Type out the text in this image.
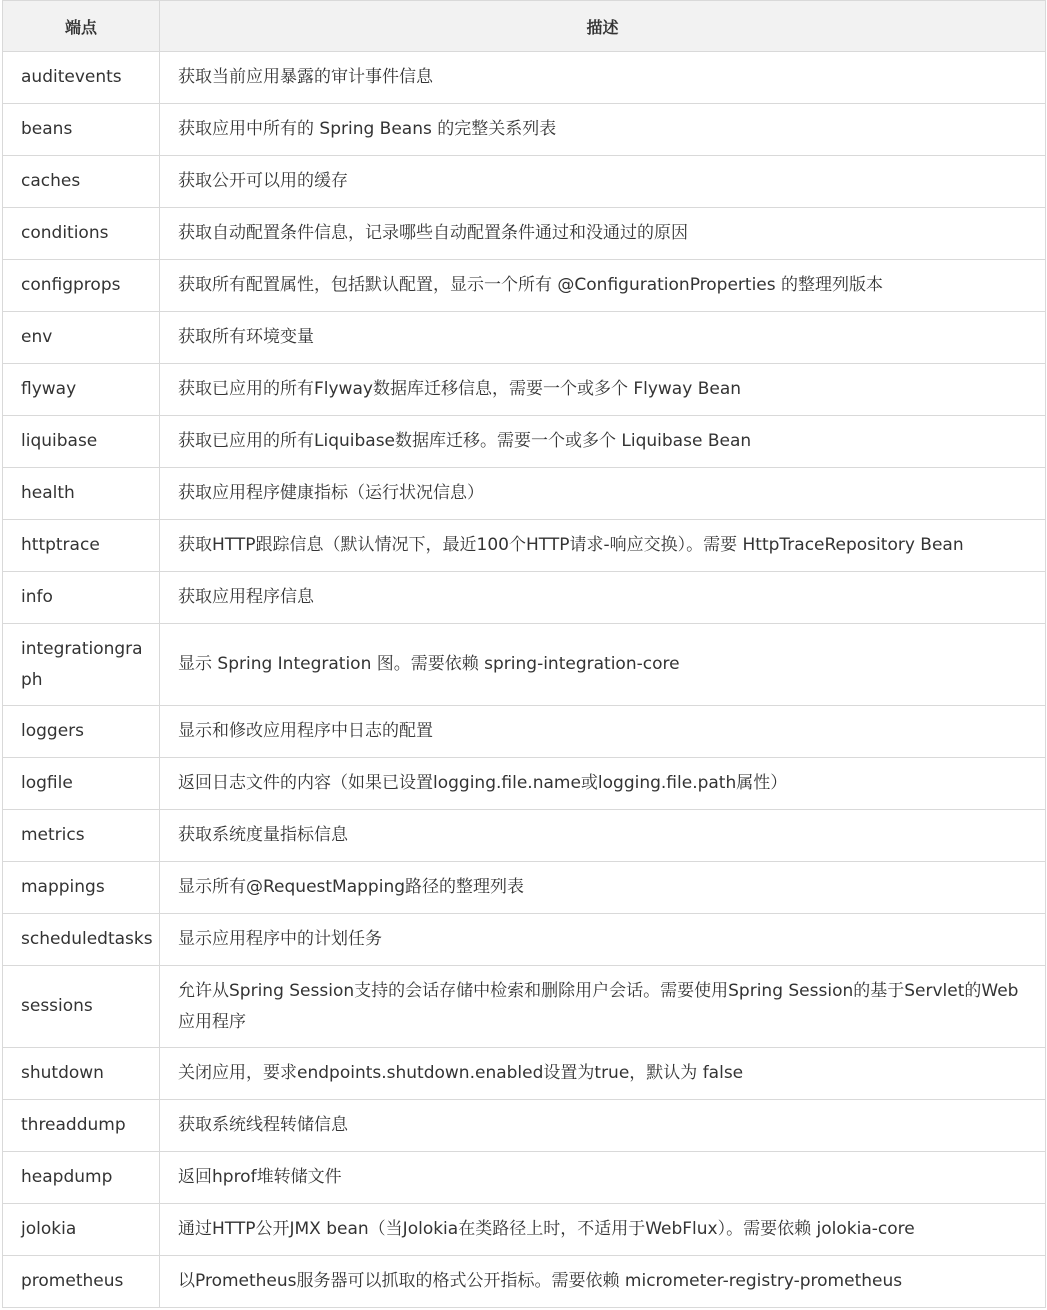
端点	描述
auditevents	获取当前应用暴露的审计事件信息
beans	获取应用中所有的 Spring Beans 的完整关系列表
caches	获取公开可以用的缓存
conditions	获取自动配置条件信息，记录哪些自动配置条件通过和没通过的原因
configprops	获取所有配置属性，包括默认配置，显示一个所有 @ConfigurationProperties 的整理列版本
env	获取所有环境变量
flyway	获取已应用的所有Flyway数据库迁移信息，需要一个或多个 Flyway Bean
liquibase	获取已应用的所有Liquibase数据库迁移。需要一个或多个 Liquibase Bean
health	获取应用程序健康指标（运行状况信息）
httptrace	获取HTTP跟踪信息（默认情况下，最近100个HTTP请求-响应交换）。需要 HttpTraceRepository Bean
info	获取应用程序信息
integrationgraph	显示 Spring Integration 图。需要依赖 spring-integration-core
loggers	显示和修改应用程序中日志的配置
logfile	返回日志文件的内容（如果已设置logging.file.name或logging.file.path属性）
metrics	获取系统度量指标信息
mappings	显示所有@RequestMapping路径的整理列表
scheduledtasks	显示应用程序中的计划任务
sessions	允许从Spring Session支持的会话存储中检索和删除用户会话。需要使用Spring Session的基于Servlet的Web应用程序
shutdown	关闭应用，要求endpoints.shutdown.enabled设置为true，默认为 false
threaddump	获取系统线程转储信息
heapdump	返回hprof堆转储文件
jolokia	通过HTTP公开JMX bean（当Jolokia在类路径上时，不适用于WebFlux）。需要依赖 jolokia-core
prometheus	以Prometheus服务器可以抓取的格式公开指标。需要依赖 micrometer-registry-prometheus
